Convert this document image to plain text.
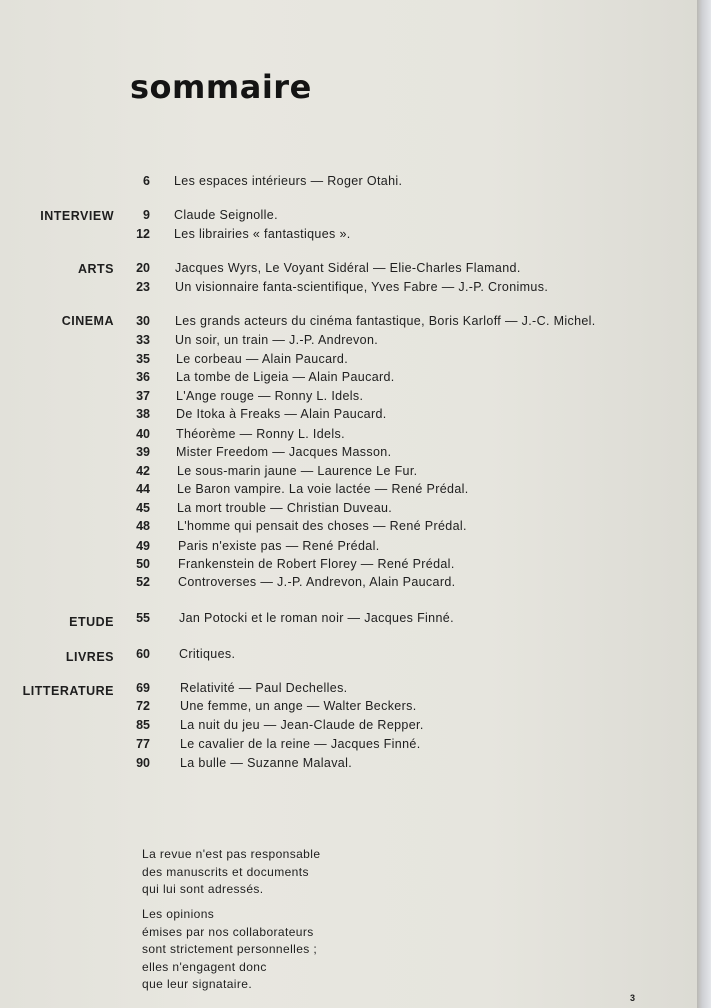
sommaire
INTERVIEW
ARTS
CINEMA
ETUDE
LIVRES
LITTERATURE
6 Les espaces intérieurs — Roger Otahi.
9 Claude Seignolle.
12 Les librairies « fantastiques ».
20 Jacques Wyrs, Le Voyant Sidéral — Elie-Charles Flamand.
23 Un visionnaire fanta-scientifique, Yves Fabre — J.-P. Cronimus.
30 Les grands acteurs du cinéma fantastique, Boris Karloff — J.-C. Michel.
33 Un soir, un train — J.-P. Andrevon.
35 Le corbeau — Alain Paucard.
36 La tombe de Ligeia — Alain Paucard.
37 L'Ange rouge — Ronny L. Idels.
38 De Itoka à Freaks — Alain Paucard.
40 Théorème — Ronny L. Idels.
39 Mister Freedom — Jacques Masson.
42 Le sous-marin jaune — Laurence Le Fur.
44 Le Baron vampire. La voie lactée — René Prédal.
45 La mort trouble — Christian Duveau.
48 L'homme qui pensait des choses — René Prédal.
49 Paris n'existe pas — René Prédal.
50 Frankenstein de Robert Florey — René Prédal.
52 Controverses — J.-P. Andrevon, Alain Paucard.
55 Jan Potocki et le roman noir — Jacques Finné.
60 Critiques.
69 Relativité — Paul Dechelles.
72 Une femme, un ange — Walter Beckers.
85 La nuit du jeu — Jean-Claude de Repper.
77 Le cavalier de la reine — Jacques Finné.
90 La bulle — Suzanne Malaval.
La revue n'est pas responsable
des manuscrits et documents
qui lui sont adressés.
Les opinions
émises par nos collaborateurs
sont strictement personnelles ;
elles n'engagent donc
que leur signataire.
3
